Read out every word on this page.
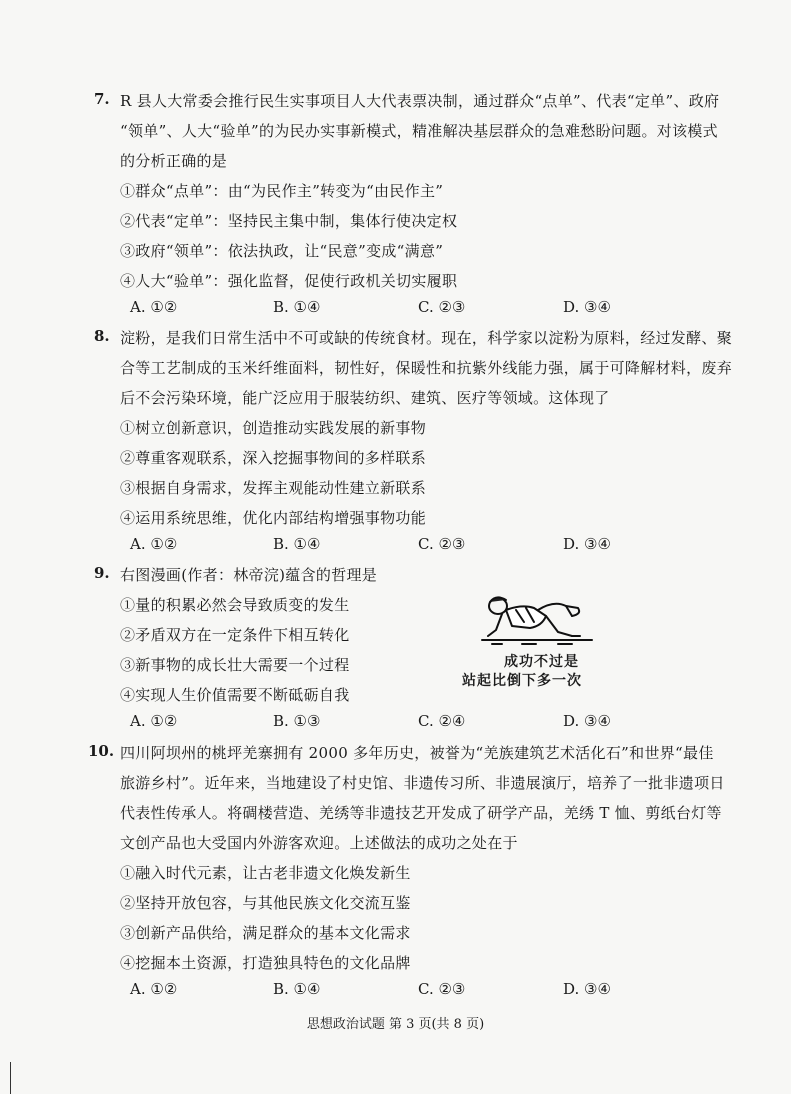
7. R 县人大常委会推行民生实事项目人大代表票决制，通过群众“点单”、代表“定单”、政府
“领单”、人大“验单”的为民办实事新模式，精准解决基层群众的急难愁盼问题。对该模式
的分析正确的是
①群众“点单”：由“为民作主”转变为“由民作主”
②代表“定单”：坚持民主集中制，集体行使决定权
③政府“领单”：依法执政，让“民意”变成“满意”
④人大“验单”：强化监督，促使行政机关切实履职
A. ①②	B. ①④	C. ②③	D. ③④
8. 淀粉，是我们日常生活中不可或缺的传统食材。现在，科学家以淀粉为原料，经过发酵、聚
合等工艺制成的玉米纤维面料，韧性好，保暖性和抗紫外线能力强，属于可降解材料，废弃
后不会污染环境，能广泛应用于服装纺织、建筑、医疗等领域。这体现了
①树立创新意识，创造推动实践发展的新事物
②尊重客观联系，深入挖掘事物间的多样联系
③根据自身需求，发挥主观能动性建立新联系
④运用系统思维，优化内部结构增强事物功能
A. ①②	B. ①④	C. ②③	D. ③④
9. 右图漫画(作者：林帝浣)蕴含的哲理是
①量的积累必然会导致质变的发生
②矛盾双方在一定条件下相互转化
③新事物的成长壮大需要一个过程
④实现人生价值需要不断砥砺自我
成功不过是
站起比倒下多一次
A. ①②	B. ①③	C. ②④	D. ③④
10. 四川阿坝州的桃坪羌寨拥有 2000 多年历史，被誉为“羌族建筑艺术活化石”和世界“最佳
旅游乡村”。近年来，当地建设了村史馆、非遗传习所、非遗展演厅，培养了一批非遗项日
代表性传承人。将碉楼营造、羌绣等非遗技艺开发成了研学产品，羌绣 T 恤、剪纸台灯等
文创产品也大受国内外游客欢迎。上述做法的成功之处在于
①融入时代元素，让古老非遗文化焕发新生
②坚持开放包容，与其他民族文化交流互鉴
③创新产品供给，满足群众的基本文化需求
④挖掘本土资源，打造独具特色的文化品牌
A. ①②	B. ①④	C. ②③	D. ③④
思想政治试题 第 3 页(共 8 页)
